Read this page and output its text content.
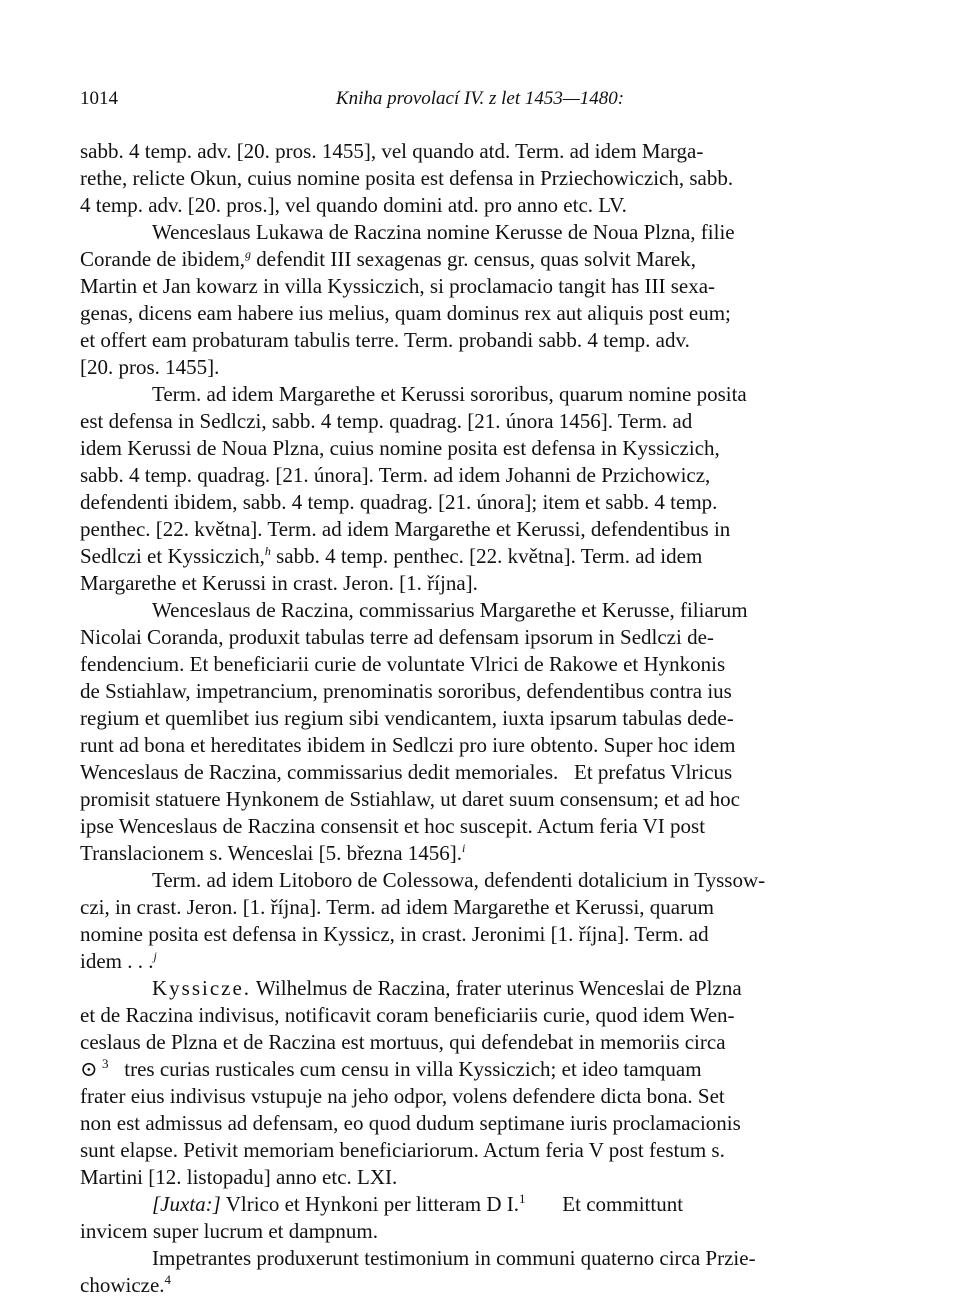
1014	Kniha provolací IV. z let 1453—1480:
sabb. 4 temp. adv. [20. pros. 1455], vel quando atd. Term. ad idem Marga-
rethe, relicte Okun, cuius nomine posita est defensa in Prziechowiczich, sabb.
4 temp. adv. [20. pros.], vel quando domini atd. pro anno etc. LV.
Wenceslaus Lukawa de Raczina nomine Kerusse de Noua Plzna, filie
Corande de ibidem,$^g$ defendit III sexagenas gr. census, quas solvit Marek,
Martin et Jan kowarz in villa Kyssiczich, si proclamacio tangit has III sexa-
genas, dicens eam habere ius melius, quam dominus rex aut aliquis post eum;
et offert eam probaturam tabulis terre. Term. probandi sabb. 4 temp. adv.
[20. pros. 1455].
Term. ad idem Margarethe et Kerussi sororibus, quarum nomine posita
est defensa in Sedlczi, sabb. 4 temp. quadrag. [21. února 1456]. Term. ad
idem Kerussi de Noua Plzna, cuius nomine posita est defensa in Kyssiczich,
sabb. 4 temp. quadrag. [21. února]. Term. ad idem Johanni de Przichowicz,
defendenti ibidem, sabb. 4 temp. quadrag. [21. února]; item et sabb. 4 temp.
penthec. [22. května]. Term. ad idem Margarethe et Kerussi, defendentibus in
Sedlczi et Kyssiczich,$^h$ sabb. 4 temp. penthec. [22. května]. Term. ad idem
Margarethe et Kerussi in crast. Jeron. [1. října].
Wenceslaus de Raczina, commissarius Margarethe et Kerusse, filiarum
Nicolai Coranda, produxit tabulas terre ad defensam ipsorum in Sedlczi de-
fendencium. Et beneficiarii curie de voluntate Vlrici de Rakowe et Hynkonis
de Sstiahlaw, impetrancium, prenominatis sororibus, defendentibus contra ius
regium et quemlibet ius regium sibi vendicantem, iuxta ipsarum tabulas dede-
runt ad bona et hereditates ibidem in Sedlczi pro iure obtento. Super hoc idem
Wenceslaus de Raczina, commissarius dedit memoriales.   Et prefatus Vlricus
promisit statuere Hynkonem de Sstiahlaw, ut daret suum consensum; et ad hoc
ipse Wenceslaus de Raczina consensit et hoc suscepit. Actum feria VI post
Translacionem s. Wenceslai [5. března 1456].$^i$
Term. ad idem Litoboro de Colessowa, defendenti dotalicium in Tyssow-
czi, in crast. Jeron. [1. října]. Term. ad idem Margarethe et Kerussi, quarum
nomine posita est defensa in Kyssicz, in crast. Jeronimi [1. října]. Term. ad
idem . . .$^j$
Kyssicze. Wilhelmus de Raczina, frater uterinus Wenceslai de Plzna
et de Raczina indivisus, notificavit coram beneficiariis curie, quod idem Wen-
ceslaus de Plzna et de Raczina est mortuus, qui defendebat in memoriis circa
⊙ $^3$   tres curias rusticales cum censu in villa Kyssiczich; et ideo tamquam
frater eius indivisus vstupuje na jeho odpor, volens defendere dicta bona. Set
non est admissus ad defensam, eo quod dudum septimane iuris proclamacionis
sunt elapse. Petivit memoriam beneficiariorum. Actum feria V post festum s.
Martini [12. listopadu] anno etc. LXI.
[Juxta:] Vlrico et Hynkoni per litteram D I.$^1$       Et committunt
invicem super lucrum et dampnum.
Impetrantes produxerunt testimonium in communi quaterno circa Przie-
chowicze.$^4$
